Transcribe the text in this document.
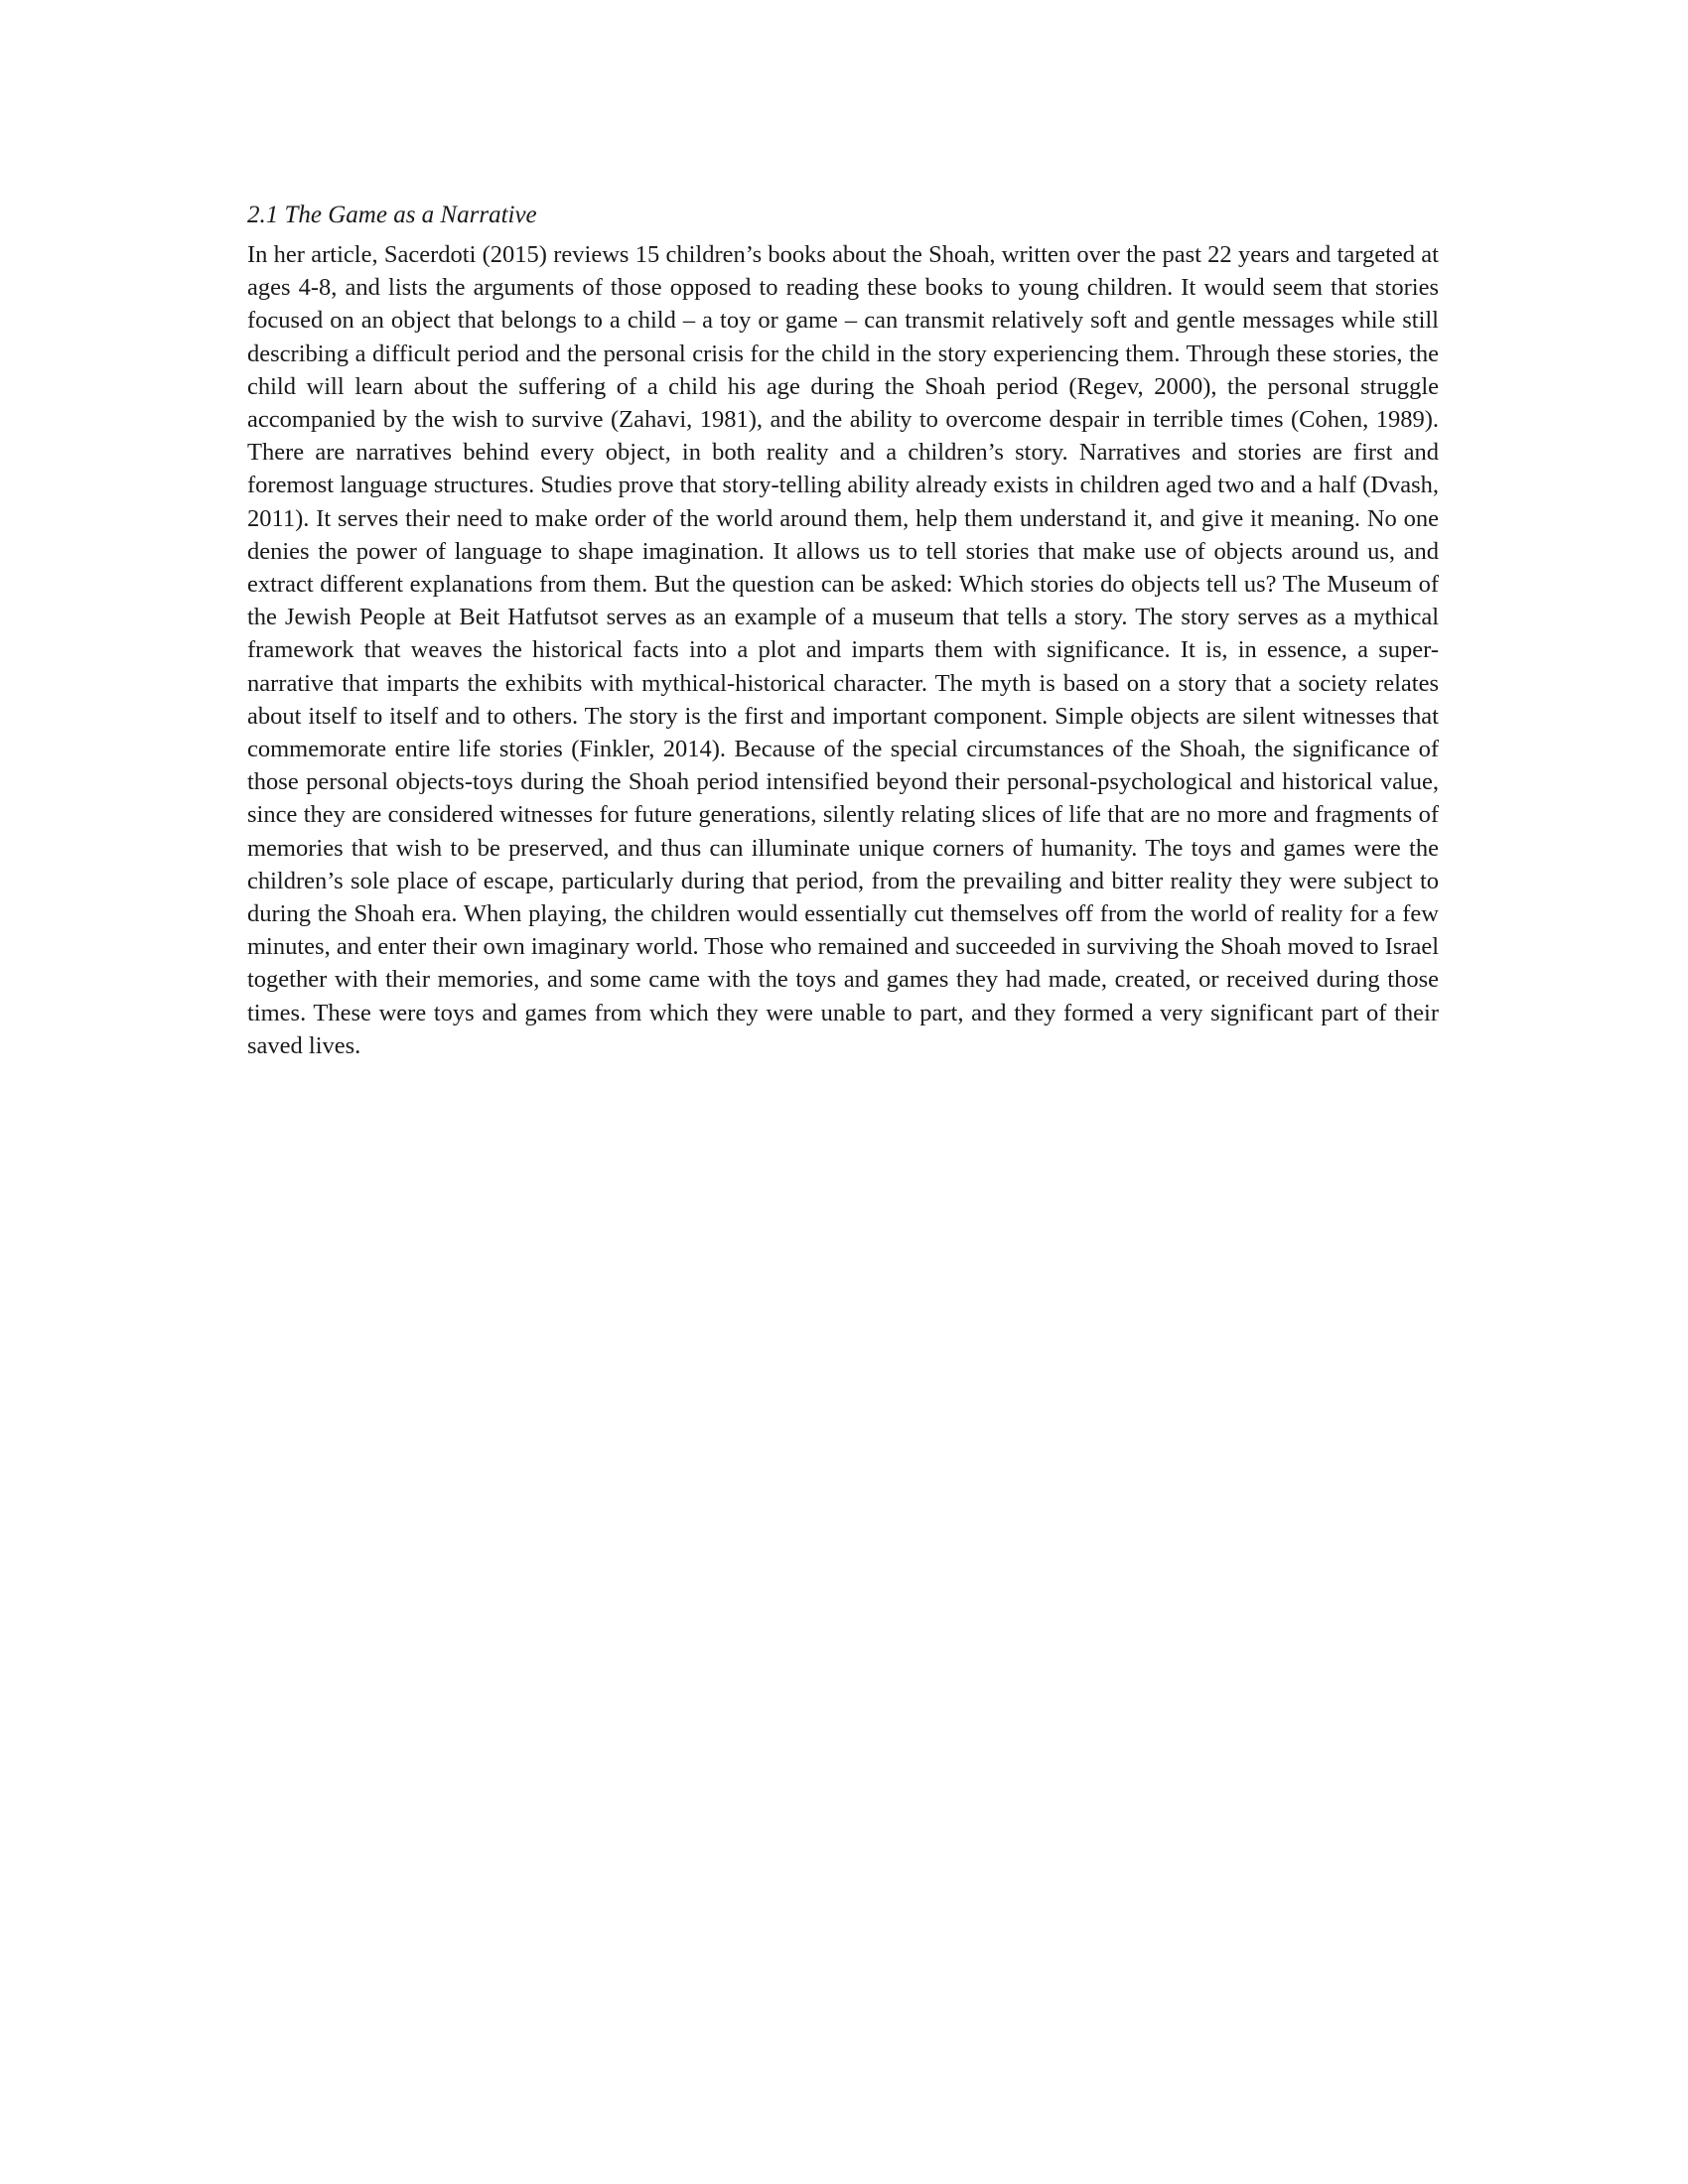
2.1 The Game as a Narrative

In her article, Sacerdoti (2015) reviews 15 children’s books about the Shoah, written over the past 22 years and targeted at ages 4-8, and lists the arguments of those opposed to reading these books to young children. It would seem that stories focused on an object that belongs to a child – a toy or game – can transmit relatively soft and gentle messages while still describing a difficult period and the personal crisis for the child in the story experiencing them. Through these stories, the child will learn about the suffering of a child his age during the Shoah period (Regev, 2000), the personal struggle accompanied by the wish to survive (Zahavi, 1981), and the ability to overcome despair in terrible times (Cohen, 1989). There are narratives behind every object, in both reality and a children’s story. Narratives and stories are first and foremost language structures. Studies prove that story-telling ability already exists in children aged two and a half (Dvash, 2011). It serves their need to make order of the world around them, help them understand it, and give it meaning. No one denies the power of language to shape imagination. It allows us to tell stories that make use of objects around us, and extract different explanations from them. But the question can be asked: Which stories do objects tell us? The Museum of the Jewish People at Beit Hatfutsot serves as an example of a museum that tells a story. The story serves as a mythical framework that weaves the historical facts into a plot and imparts them with significance. It is, in essence, a super-narrative that imparts the exhibits with mythical-historical character. The myth is based on a story that a society relates about itself to itself and to others. The story is the first and important component. Simple objects are silent witnesses that commemorate entire life stories (Finkler, 2014). Because of the special circumstances of the Shoah, the significance of those personal objects-toys during the Shoah period intensified beyond their personal-psychological and historical value, since they are considered witnesses for future generations, silently relating slices of life that are no more and fragments of memories that wish to be preserved, and thus can illuminate unique corners of humanity. The toys and games were the children’s sole place of escape, particularly during that period, from the prevailing and bitter reality they were subject to during the Shoah era. When playing, the children would essentially cut themselves off from the world of reality for a few minutes, and enter their own imaginary world. Those who remained and succeeded in surviving the Shoah moved to Israel together with their memories, and some came with the toys and games they had made, created, or received during those times. These were toys and games from which they were unable to part, and they formed a very significant part of their saved lives.
